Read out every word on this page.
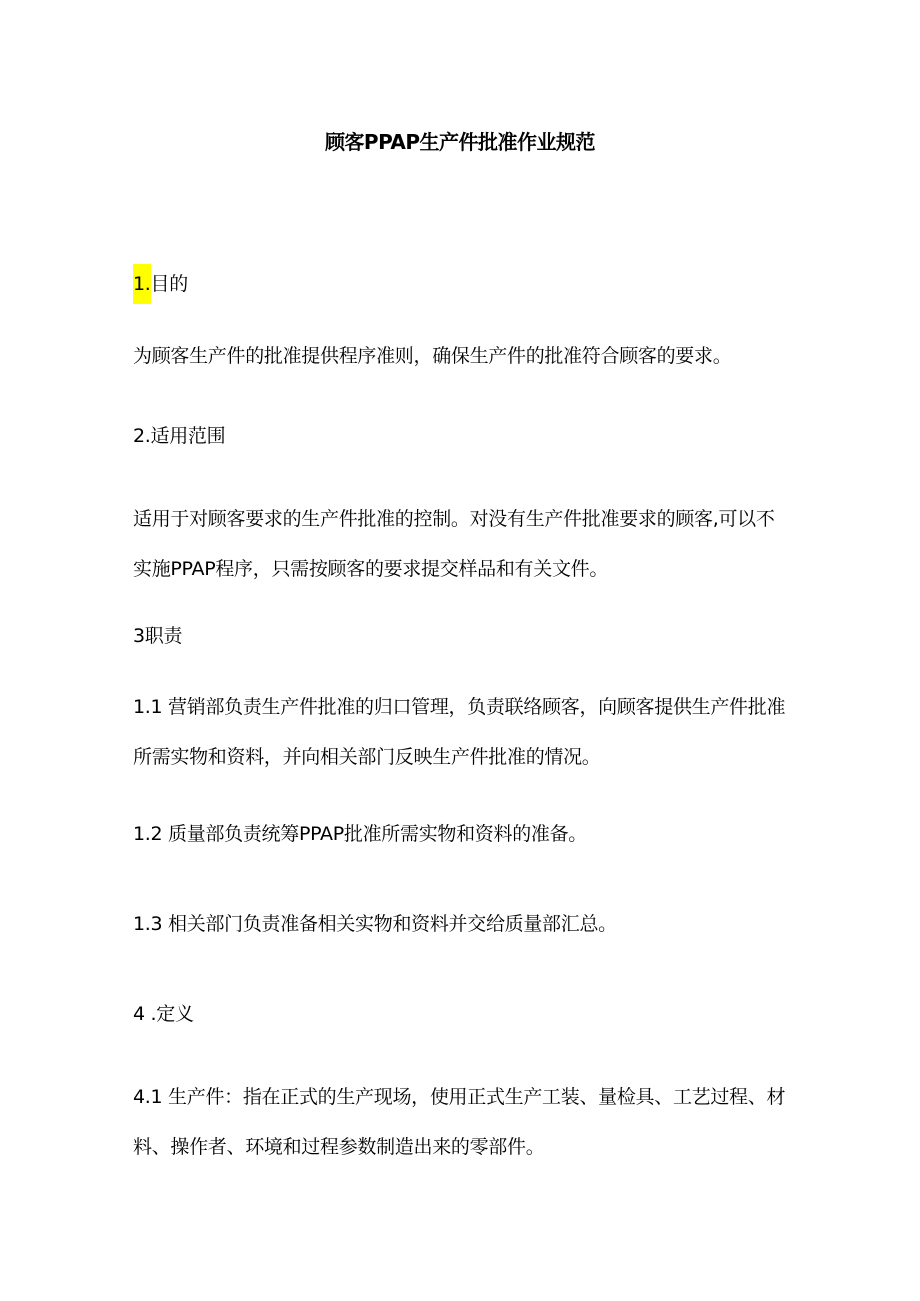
顾客PPAP生产件批准作业规范
1.目的
为顾客生产件的批准提供程序准则，确保生产件的批准符合顾客的要求。
2.适用范围
适用于对顾客要求的生产件批准的控制。对没有生产件批准要求的顾客,可以不实施PPAP程序，只需按顾客的要求提交样品和有关文件。
3职责
1.1 营销部负责生产件批准的归口管理，负责联络顾客，向顾客提供生产件批准所需实物和资料，并向相关部门反映生产件批准的情况。
1.2 质量部负责统筹PPAP批准所需实物和资料的准备。
1.3 相关部门负责准备相关实物和资料并交给质量部汇总。
4 .定义
4.1 生产件：指在正式的生产现场，使用正式生产工装、量检具、工艺过程、材料、操作者、环境和过程参数制造出来的零部件。
